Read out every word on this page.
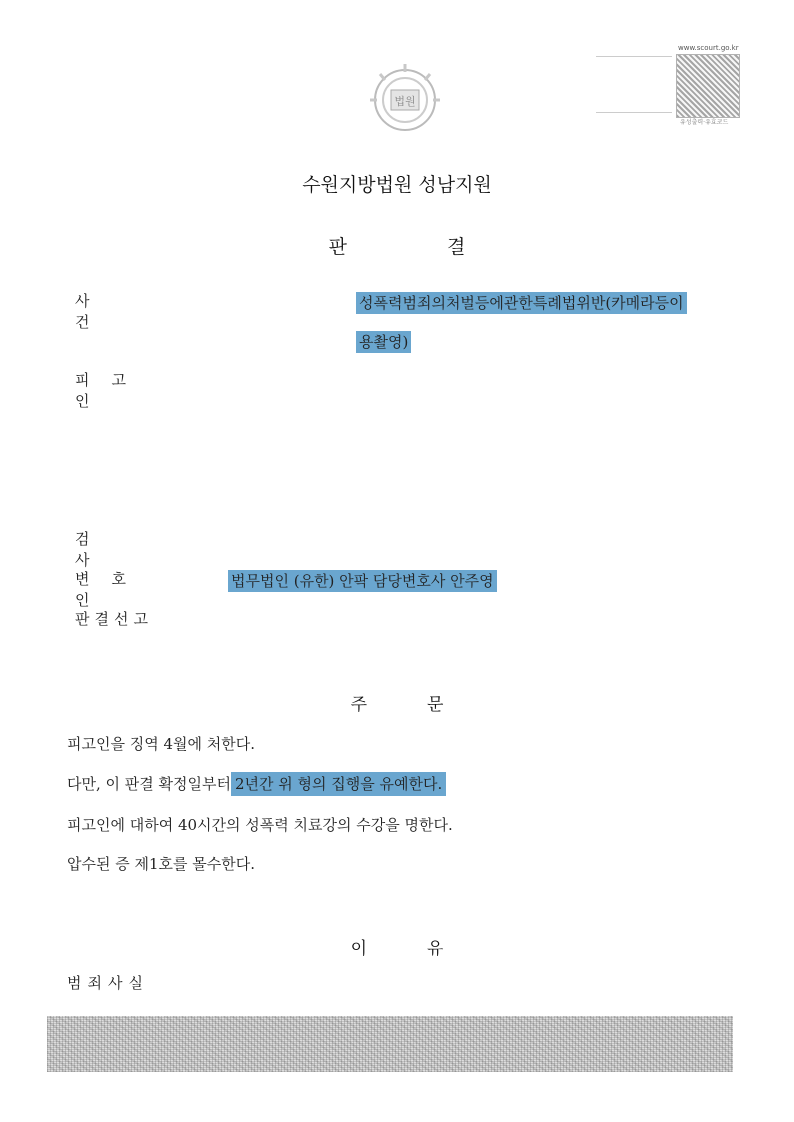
법원
www.scourt.go.kr
유성출력·유효코드
수원지방법원 성남지원
판결
사건
성폭력범죄의처벌등에관한특례법위반(카메라등이
용촬영)
피고인
검사
변호인
법무법인 (유한) 안팍 담당변호사 안주영
판결선고
주문
피고인을 징역 4월에 처한다.
다만, 이 판결 확정일부터 2년간 위 형의 집행을 유예한다.
피고인에 대하여 40시간의 성폭력 치료강의 수강을 명한다.
압수된 증 제1호를 몰수한다.
이유
범죄사실
